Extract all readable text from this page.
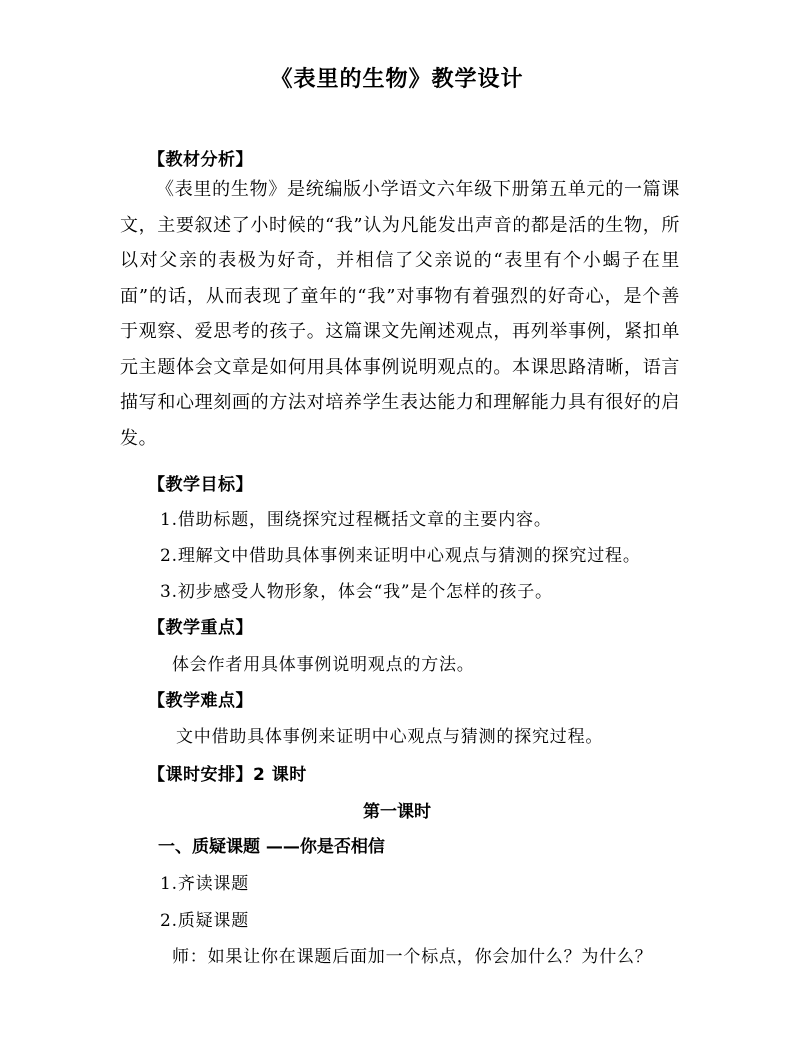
《表里的生物》教学设计
【教材分析】
《表里的生物》是统编版小学语文六年级下册第五单元的一篇课文，主要叙述了小时候的“我”认为凡能发出声音的都是活的生物，所以对父亲的表极为好奇，并相信了父亲说的“表里有个小蝎子在里面”的话，从而表现了童年的“我”对事物有着强烈的好奇心，是个善于观察、爱思考的孩子。这篇课文先阐述观点，再列举事例，紧扣单元主题体会文章是如何用具体事例说明观点的。本课思路清晰，语言描写和心理刻画的方法对培养学生表达能力和理解能力具有很好的启发。
【教学目标】
1.借助标题，围绕探究过程概括文章的主要内容。
2.理解文中借助具体事例来证明中心观点与猜测的探究过程。
3.初步感受人物形象，体会“我”是个怎样的孩子。
【教学重点】
体会作者用具体事例说明观点的方法。
【教学难点】
文中借助具体事例来证明中心观点与猜测的探究过程。
【课时安排】2 课时
第一课时
一、质疑课题 ——你是否相信
1.齐读课题
2.质疑课题
师：如果让你在课题后面加一个标点，你会加什么？为什么？
